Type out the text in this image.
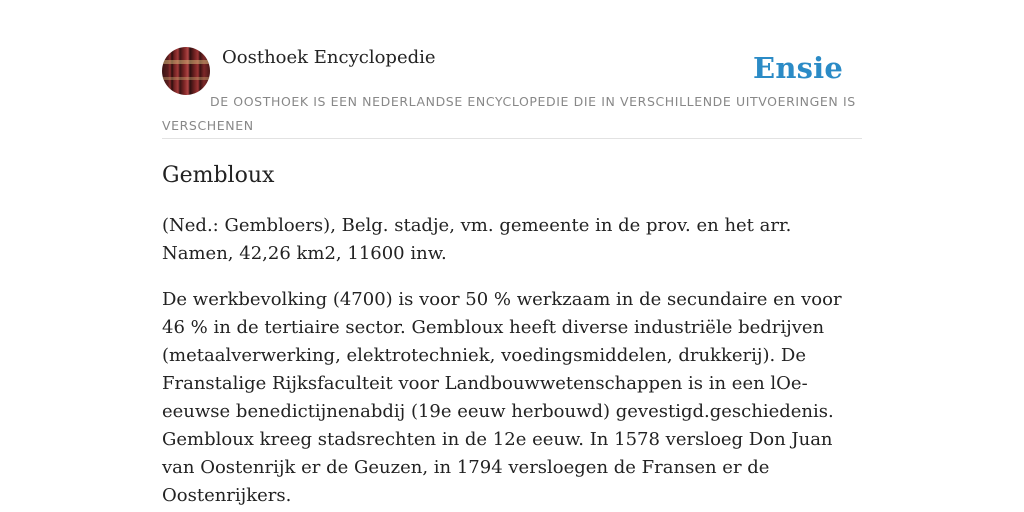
Oosthoek Encyclopedie	Ensie
DE OOSTHOEK IS EEN NEDERLANDSE ENCYCLOPEDIE DIE IN VERSCHILLENDE UITVOERINGEN IS VERSCHENEN
Gembloux

(Ned.: Gembloers), Belg. stadje, vm. gemeente in de prov. en het arr. Namen, 42,26 km2, 11600 inw.

De werkbevolking (4700) is voor 50 % werkzaam in de secundaire en voor 46 % in de tertiaire sector. Gembloux heeft diverse industriële bedrijven (metaalverwerking, elektrotechniek, voedingsmiddelen, drukkerij). De Franstalige Rijksfaculteit voor Landbouwwetenschappen is in een lOe-eeuwse benedictijnenabdij (19e eeuw herbouwd) gevestigd.geschiedenis. Gembloux kreeg stadsrechten in de 12e eeuw. In 1578 versloeg Don Juan van Oostenrijk er de Geuzen, in 1794 versloegen de Fransen er de Oostenrijkers.
